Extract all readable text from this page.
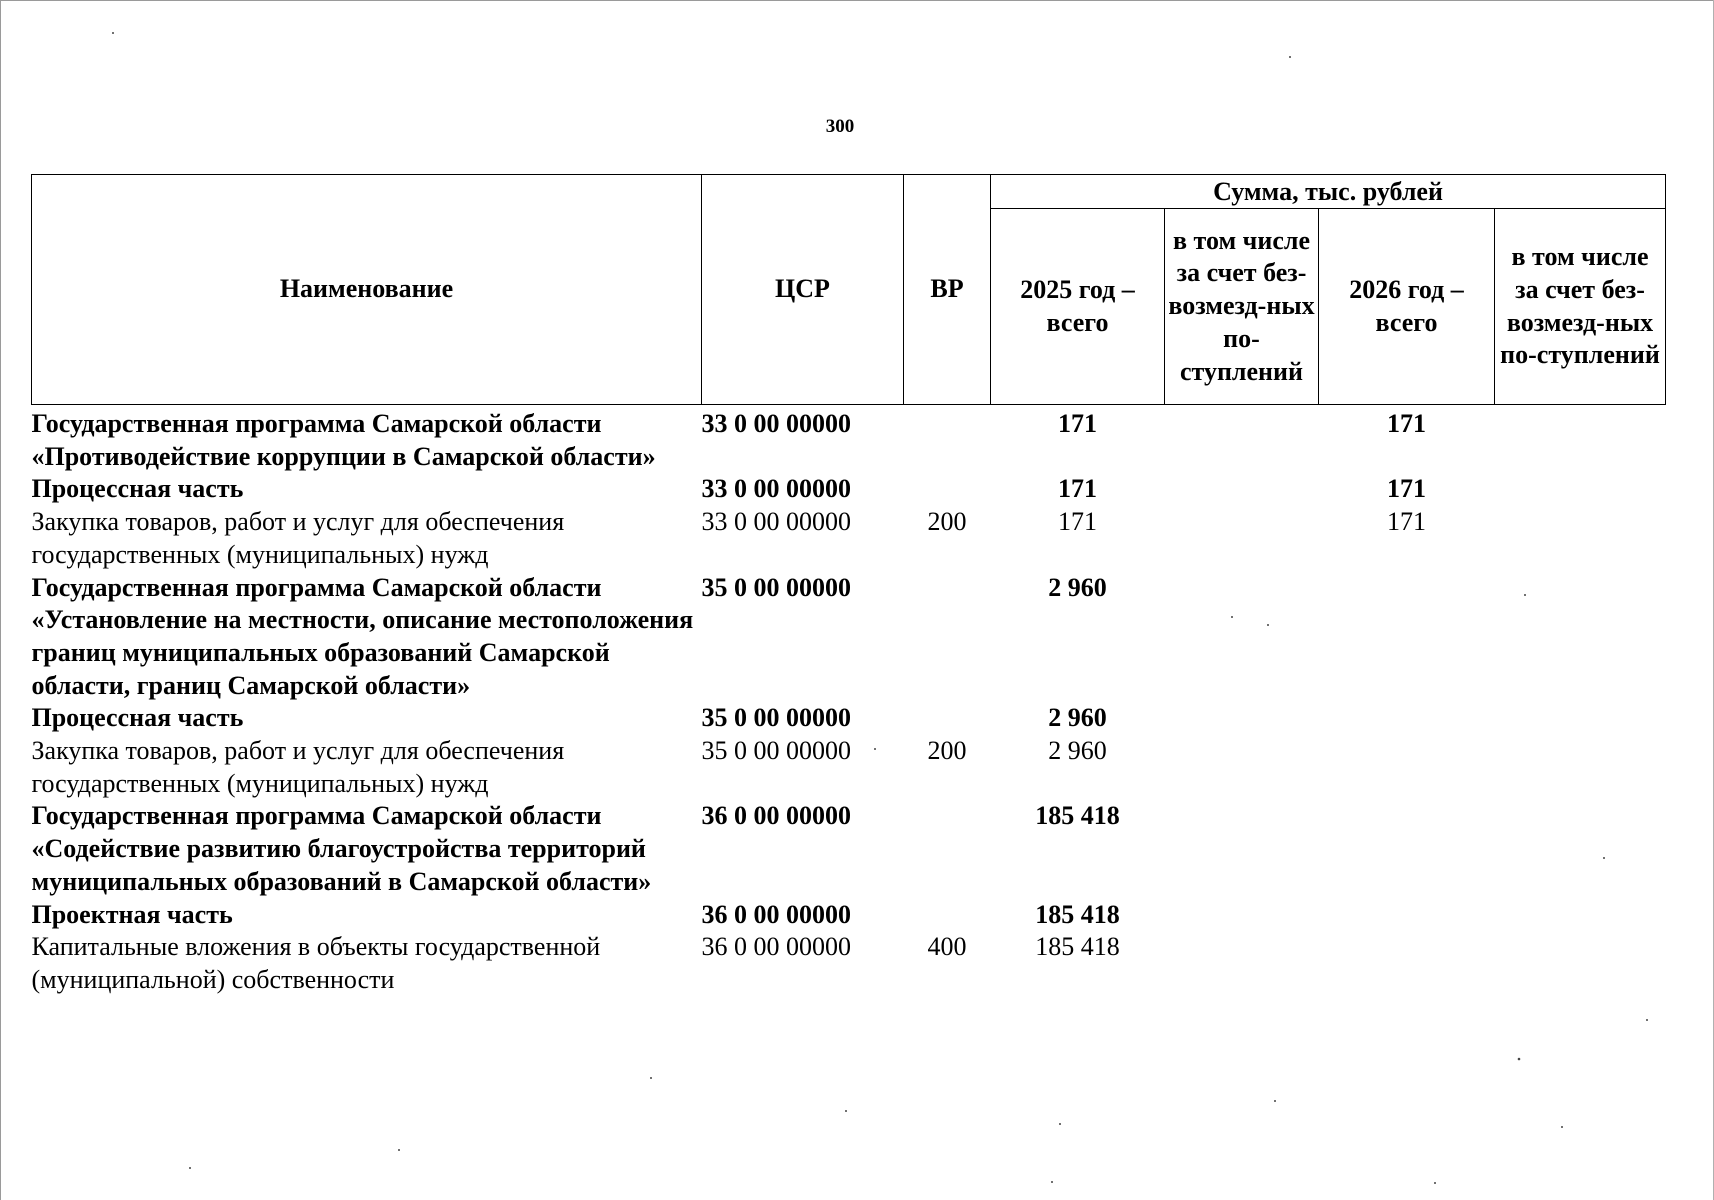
300
Наименование	ЦСР	ВР	Сумма, тыс. рублей			
			2025 год – всего	в том числе за счет без-возмезд-ных по-ступлений	2026 год – всего	в том числе за счет без-возмезд-ных по-ступлений
Государственная программа Самарской области «Противодействие коррупции в Самарской области»	33 0 00 00000		171		171	
Процессная часть	33 0 00 00000		171		171	
Закупка товаров, работ и услуг для обеспечения государственных (муниципальных) нужд	33 0 00 00000	200	171		171	
Государственная программа Самарской области «Установление на местности, описание местоположения границ муниципальных образований Самарской области, границ Самарской области»	35 0 00 00000		2 960			
Процессная часть	35 0 00 00000		2 960			
Закупка товаров, работ и услуг для обеспечения государственных (муниципальных) нужд	35 0 00 00000	200	2 960			
Государственная программа Самарской области «Содействие развитию благоустройства территорий муниципальных образований в Самарской области»	36 0 00 00000		185 418			
Проектная часть	36 0 00 00000		185 418			
Капитальные вложения в объекты государственной (муниципальной) собственности	36 0 00 00000	400	185 418			
